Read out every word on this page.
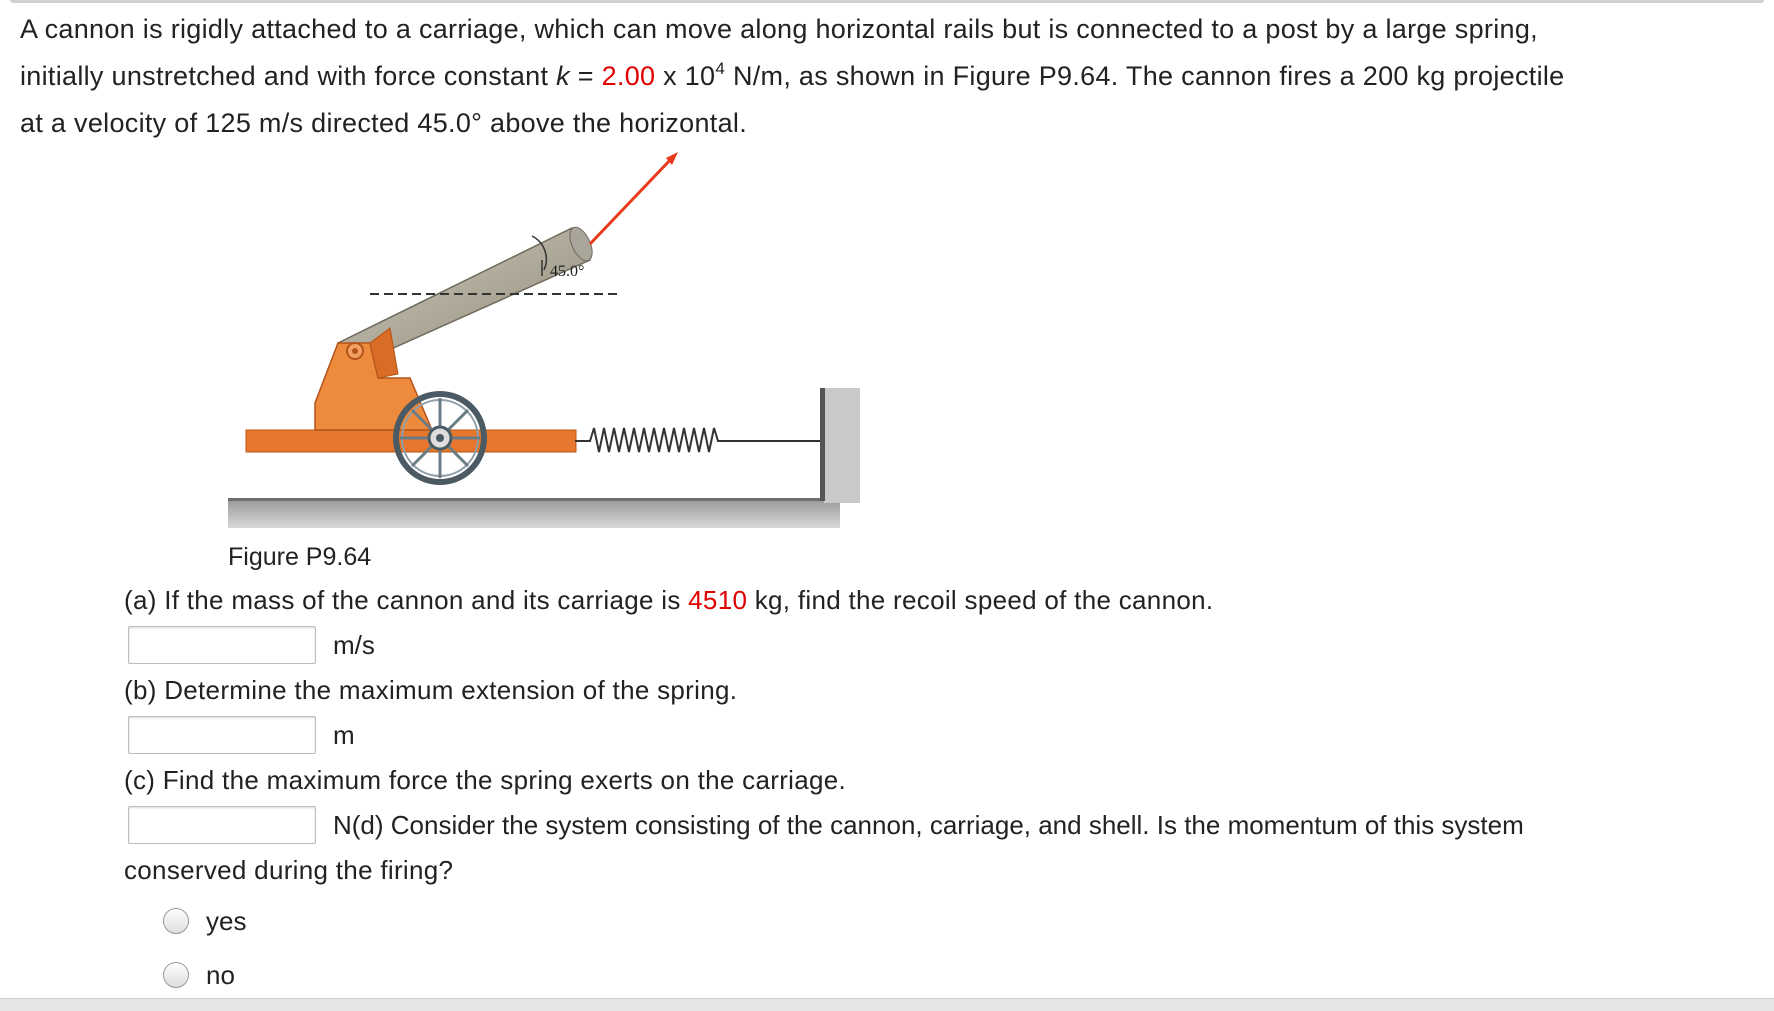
A cannon is rigidly attached to a carriage, which can move along horizontal rails but is connected to a post by a large spring,
initially unstretched and with force constant k = 2.00 x $10^4$ N/m, as shown in Figure P9.64. The cannon fires a 200 kg projectile
at a velocity of 125 m/s directed 45.0° above the horizontal.
45.0°
Figure P9.64
(a) If the mass of the cannon and its carriage is 4510 kg, find the recoil speed of the cannon.
m/s
(b) Determine the maximum extension of the spring.
m
(c) Find the maximum force the spring exerts on the carriage.
N(d) Consider the system consisting of the cannon, carriage, and shell. Is the momentum of this system
conserved during the firing?
yes
no
